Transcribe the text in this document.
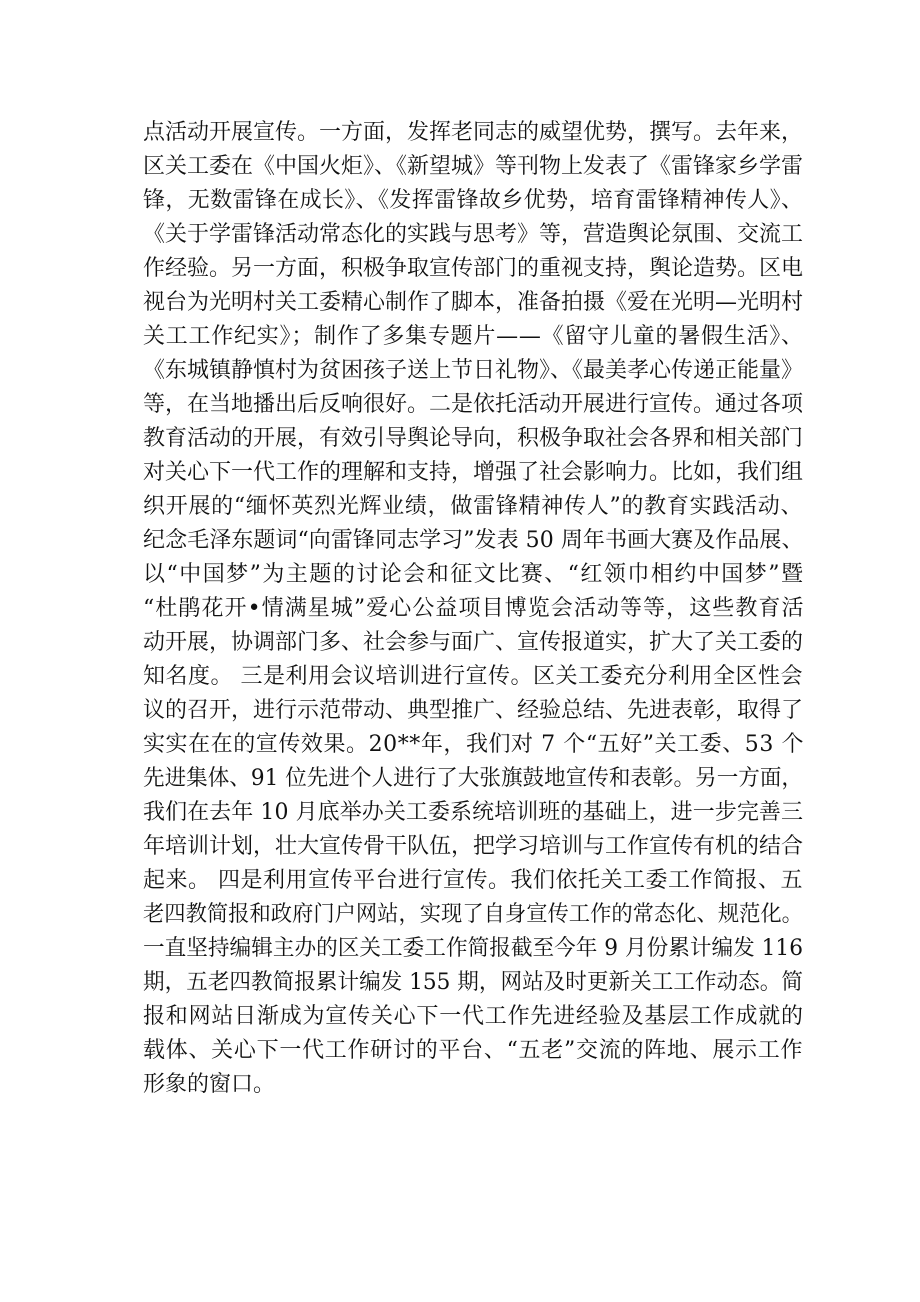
点活动开展宣传。一方面，发挥老同志的威望优势，撰写。去年来，
区关工委在《中国火炬》、《新望城》等刊物上发表了《雷锋家乡学雷
锋，无数雷锋在成长》、《发挥雷锋故乡优势，培育雷锋精神传人》、
《关于学雷锋活动常态化的实践与思考》等，营造舆论氛围、交流工
作经验。另一方面，积极争取宣传部门的重视支持，舆论造势。区电
视台为光明村关工委精心制作了脚本，准备拍摄《爱在光明—光明村
关工工作纪实》；制作了多集专题片——《留守儿童的暑假生活》、
《东城镇静慎村为贫困孩子送上节日礼物》、《最美孝心传递正能量》
等，在当地播出后反响很好。二是依托活动开展进行宣传。通过各项
教育活动的开展，有效引导舆论导向，积极争取社会各界和相关部门
对关心下一代工作的理解和支持，增强了社会影响力。比如，我们组
织开展的“缅怀英烈光辉业绩，做雷锋精神传人”的教育实践活动、
纪念毛泽东题词“向雷锋同志学习”发表 50 周年书画大赛及作品展、
以“中国梦”为主题的讨论会和征文比赛、“红领巾相约中国梦”暨
“杜鹃花开•情满星城”爱心公益项目博览会活动等等，这些教育活
动开展，协调部门多、社会参与面广、宣传报道实，扩大了关工委的
知名度。 三是利用会议培训进行宣传。区关工委充分利用全区性会
议的召开，进行示范带动、典型推广、经验总结、先进表彰，取得了
实实在在的宣传效果。20**年，我们对 7 个“五好”关工委、53 个
先进集体、91 位先进个人进行了大张旗鼓地宣传和表彰。另一方面，
我们在去年 10 月底举办关工委系统培训班的基础上，进一步完善三
年培训计划，壮大宣传骨干队伍，把学习培训与工作宣传有机的结合
起来。 四是利用宣传平台进行宣传。我们依托关工委工作简报、五
老四教简报和政府门户网站，实现了自身宣传工作的常态化、规范化。
一直坚持编辑主办的区关工委工作简报截至今年 9 月份累计编发 116
期，五老四教简报累计编发 155 期，网站及时更新关工工作动态。简
报和网站日渐成为宣传关心下一代工作先进经验及基层工作成就的
载体、关心下一代工作研讨的平台、“五老”交流的阵地、展示工作
形象的窗口。
